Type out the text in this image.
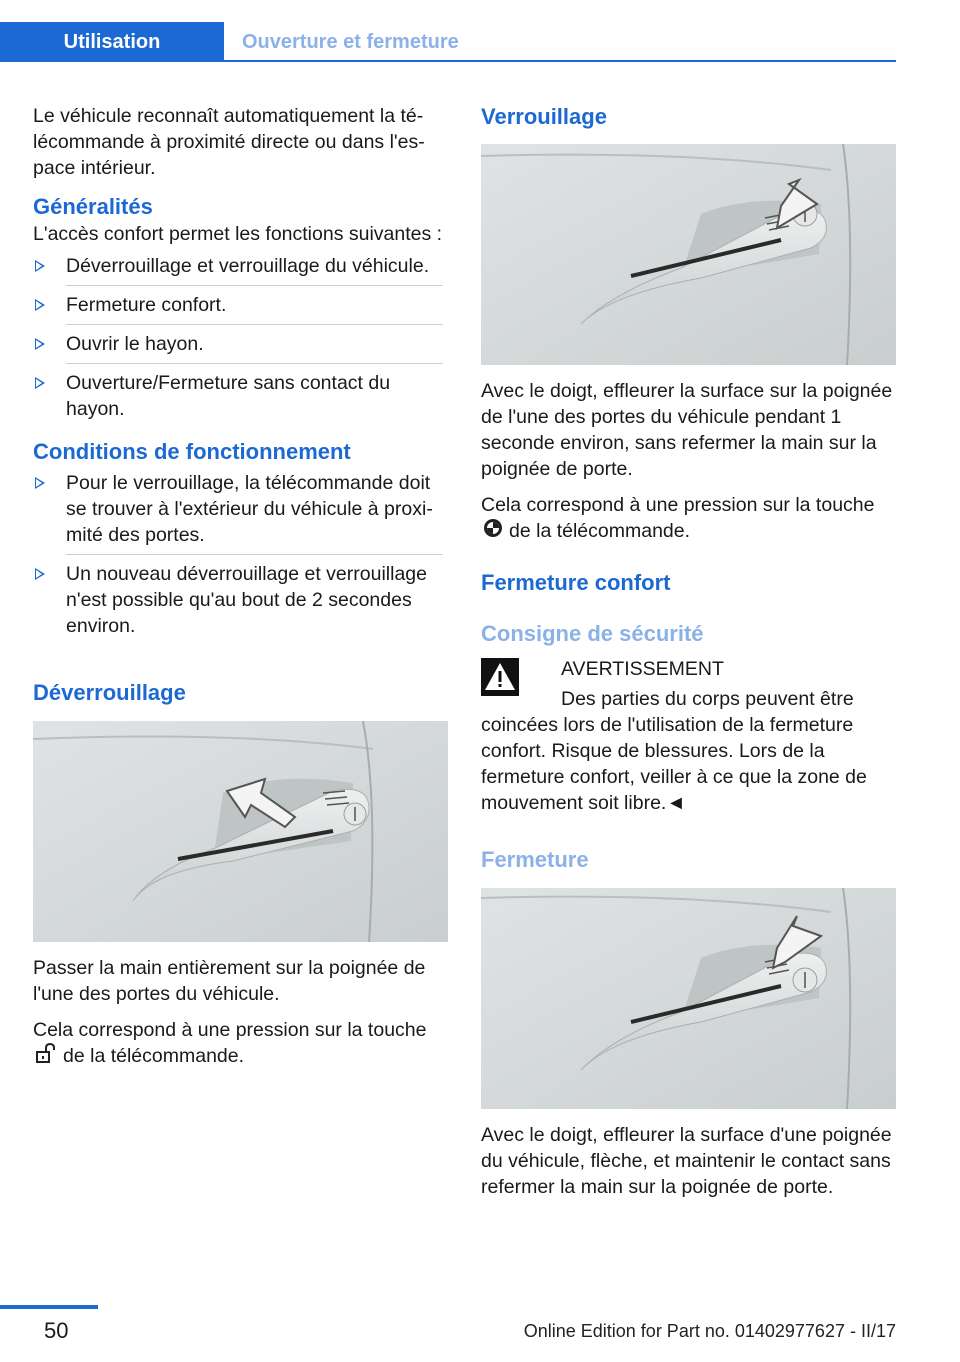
Utilisation	Ouverture et fermeture

Le véhicule reconnaît automatiquement la télécommande à proximité directe ou dans l'espace intérieur.

Généralités

L'accès confort permet les fonctions suivantes :

Déverrouillage et verrouillage du véhicule.
Fermeture confort.
Ouvrir le hayon.
Ouverture/Fermeture sans contact du hayon.
Conditions de fonctionnement
Pour le verrouillage, la télécommande doit se trouver à l'extérieur du véhicule à proximité des portes.
Un nouveau déverrouillage et verrouillage n'est possible qu'au bout de 2 secondes environ.
Déverrouillage

Passer la main entièrement sur la poignée de l'une des portes du véhicule.

Cela correspond à une pression sur la touche
de la télécommande.

Verrouillage

Avec le doigt, effleurer la surface sur la poignée de l'une des portes du véhicule pendant 1 seconde environ, sans refermer la main sur la poignée de porte.

Cela correspond à une pression sur la touche
de la télécommande.

Fermeture confort
Consigne de sécurité
AVERTISSEMENT

Des parties du corps peuvent être coincées lors de l'utilisation de la fermeture confort. Risque de blessures. Lors de la fermeture confort, veiller à ce que la zone de mouvement soit libre.◄

Fermeture

Avec le doigt, effleurer la surface d'une poignée du véhicule, flèche, et maintenir le contact sans refermer la main sur la poignée de porte.

50	Online Edition for Part no. 01402977627 - II/17
